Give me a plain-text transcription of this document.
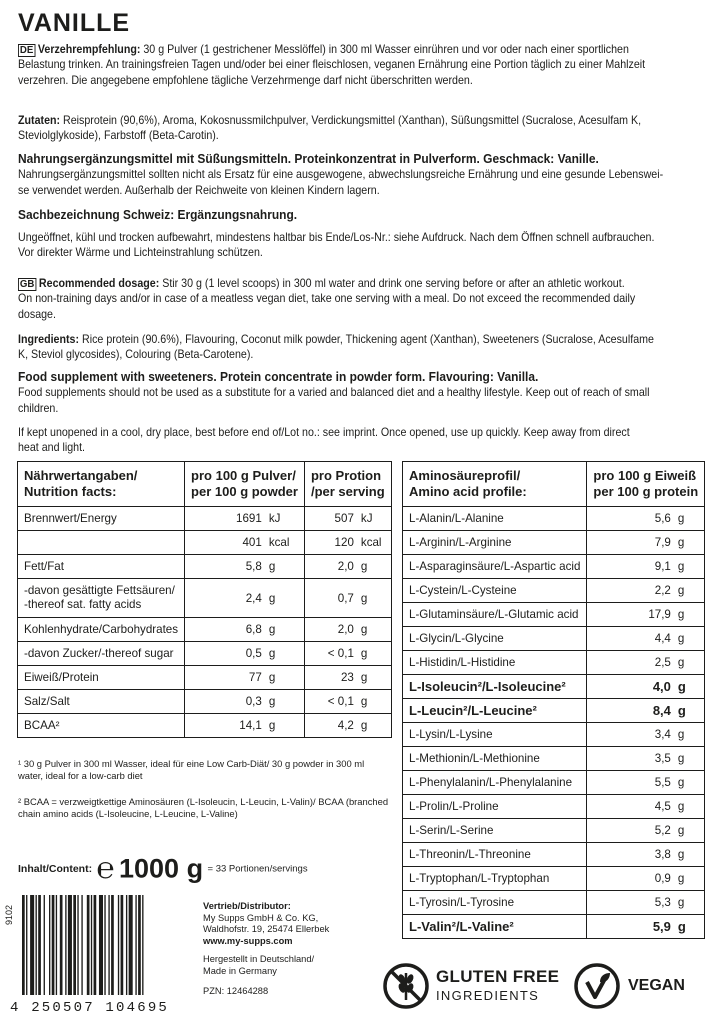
VANILLE
DE Verzehrempfehlung: 30 g Pulver (1 gestrichener Messlöffel) in 300 ml Wasser einrühren und vor oder nach einer sportlichen
Belastung trinken. An trainingsfreien Tagen und/oder bei einer fleischlosen, veganen Ernährung eine Portion täglich zu einer Mahlzeit
verzehren. Die angegebene empfohlene tägliche Verzehrmenge darf nicht überschritten werden.
Zutaten: Reisprotein (90,6%), Aroma, Kokosnussmilchpulver, Verdickungsmittel (Xanthan), Süßungsmittel (Sucralose, Acesulfam K,
Steviolglykoside), Farbstoff (Beta-Carotin).
Nahrungsergänzungsmittel mit Süßungsmitteln. Proteinkonzentrat in Pulverform. Geschmack: Vanille.
Nahrungsergänzungsmittel sollten nicht als Ersatz für eine ausgewogene, abwechslungsreiche Ernährung und eine gesunde Lebenswei-
se verwendet werden. Außerhalb der Reichweite von kleinen Kindern lagern.
Sachbezeichnung Schweiz: Ergänzungsnahrung.
Ungeöffnet, kühl und trocken aufbewahrt, mindestens haltbar bis Ende/Los-Nr.: siehe Aufdruck. Nach dem Öffnen schnell aufbrauchen.
Vor direkter Wärme und Lichteinstrahlung schützen.
GB Recommended dosage: Stir 30 g (1 level scoops) in 300 ml water and drink one serving before or after an athletic workout.
On non-training days and/or in case of a meatless vegan diet, take one serving with a meal. Do not exceed the recommended daily
dosage.
Ingredients: Rice protein (90.6%), Flavouring, Coconut milk powder, Thickening agent (Xanthan), Sweeteners (Sucralose, Acesulfame
K, Steviol glycosides), Colouring (Beta-Carotene).
Food supplement with sweeteners. Protein concentrate in powder form. Flavouring: Vanilla.
Food supplements should not be used as a substitute for a varied and balanced diet and a healthy lifestyle. Keep out of reach of small
children.
If kept unopened in a cool, dry place, best before end of/Lot no.: see imprint. Once opened, use up quickly. Keep away from direct
heat and light.
Nährwertangaben/
Nutrition facts:	pro 100 g Pulver/
per 100 g powder		pro Protion
/per serving	
Brennwert/Energy	1691	kJ	507	kJ
	401	kcal	120	kcal
Fett/Fat	5,8	g	2,0	g
-davon gesättigte Fettsäuren/
-thereof sat. fatty acids	2,4	g	0,7	g
Kohlenhydrate/Carbohydrates	6,8	g	2,0	g
-davon Zucker/-thereof sugar	0,5	g	< 0,1	g
Eiweiß/Protein	77	g	23	g
Salz/Salt	0,3	g	< 0,1	g
BCAA²	14,1	g	4,2	g
Aminosäureprofil/
Amino acid profile:	pro 100 g Eiweiß
per 100 g protein	
L-Alanin/L-Alanine	5,6	g
L-Arginin/L-Arginine	7,9	g
L-Asparaginsäure/L-Aspartic acid	9,1	g
L-Cystein/L-Cysteine	2,2	g
L-Glutaminsäure/L-Glutamic acid	17,9	g
L-Glycin/L-Glycine	4,4	g
L-Histidin/L-Histidine	2,5	g
L-Isoleucin²/L-Isoleucine²	4,0	g
L-Leucin²/L-Leucine²	8,4	g
L-Lysin/L-Lysine	3,4	g
L-Methionin/L-Methionine	3,5	g
L-Phenylalanin/L-Phenylalanine	5,5	g
L-Prolin/L-Proline	4,5	g
L-Serin/L-Serine	5,2	g
L-Threonin/L-Threonine	3,8	g
L-Tryptophan/L-Tryptophan	0,9	g
L-Tyrosin/L-Tyrosine	5,3	g
L-Valin²/L-Valine²	5,9	g
¹ 30 g Pulver in 300 ml Wasser, ideal für eine Low Carb-Diät/ 30 g powder in 300 ml
water, ideal for a low-carb diet
² BCAA = verzweigtkettige Aminosäuren (L-Isoleucin, L-Leucin, L-Valin)/ BCAA (branched
chain amino acids (L-Isoleucine, L-Leucine, L-Valine)
Inhalt/Content: ℮ 1000 g = 33 Portionen/servings
9102
4 250507 104695
Vertrieb/Distributor:
My Supps GmbH & Co. KG,
Waldhofstr. 19, 25474 Ellerbek
www.my-supps.com
Hergestellt in Deutschland/
Made in Germany
PZN: 12464288
GLUTEN FREE
INGREDIENTS
VEGAN
